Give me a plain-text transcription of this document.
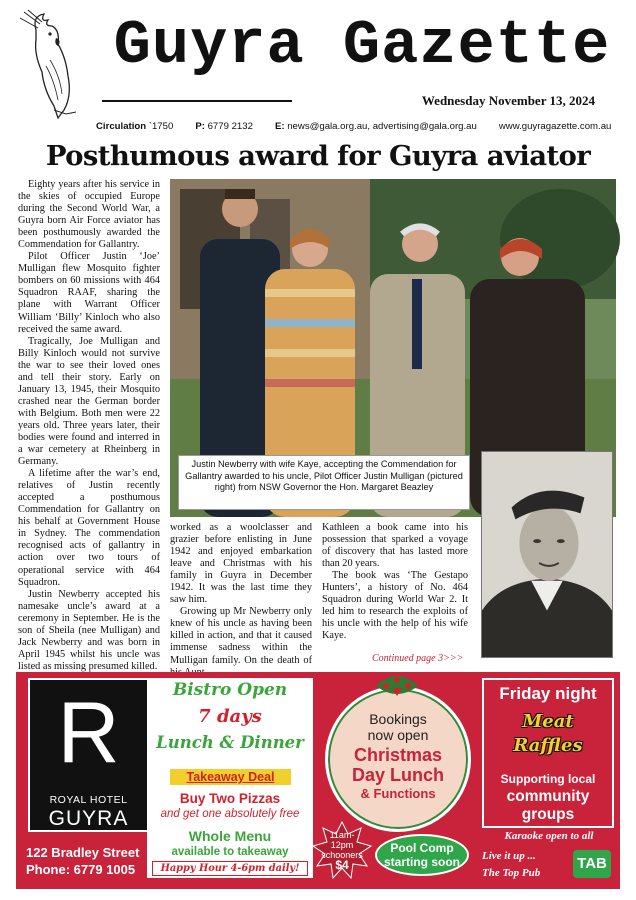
Guyra Gazette
Wednesday November 13, 2024
Circulation `1750 P: 6779 2132 E: news@gala.org.au, advertising@gala.org.au www.guyragazette.com.au
Posthumous award for Guyra aviator

Eighty years after his service in the skies of occupied Europe during the Second World War, a Guyra born Air Force aviator has been posthumously awarded the Commendation for Gallantry.

Pilot Officer Justin ‘Joe’ Mulligan flew Mosquito fighter bombers on 60 missions with 464 Squadron RAAF, sharing the plane with Warrant Officer William ‘Billy’ Kinloch who also received the same award.

Tragically, Joe Mulligan and Billy Kinloch would not survive the war to see their loved ones and tell their story. Early on January 13, 1945, their Mosquito crashed near the German border with Belgium. Both men were 22 years old. Three years later, their bodies were found and interred in a war cemetery at Rheinberg in Germany.

A lifetime after the war’s end, relatives of Justin recently accepted a posthumous Commendation for Gallantry on his behalf at Government House in Sydney. The commendation recognised acts of gallantry in action over two tours of operational service with 464 Squadron.

Justin Newberry accepted his namesake uncle’s award at a ceremony in September. He is the son of Sheila (nee Mulligan) and Jack Newberry and was born in April 1945 whilst his uncle was listed as missing presumed killed.

Justin Newberry with wife Kaye, accepting the Commendation for Gallantry awarded to his uncle, Pilot Officer Justin Mulligan (pictured right) from NSW Governor the Hon. Margaret Beazley

worked as a woolclasser and grazier before enlisting in June 1942 and enjoyed embarkation leave and Christmas with his family in Guyra in December 1942. It was the last time they saw him.

Growing up Mr Newberry only knew of his uncle as having been killed in action, and that it caused immense sadness within the Mulligan family. On the death of

Kathleen a book came into his possession that sparked a voyage of discovery that has lasted more than 20 years.

The book was ‘The Gestapo Hunters’, a history of No. 464 Squadron during World War 2. It led him to research the exploits of his uncle with the help of his wife Kaye.

Continued page 3>>>
R
ROYAL HOTEL
GUYRA
122 Bradley Street
Phone: 6779 1005
Bistro Open
7 days
Lunch & Dinner
Takeaway Deal
Buy Two Pizzas
and get one absolutely free
Whole Menu
available to takeaway
Happy Hour 4-6pm daily!
Bookings
now open
Christmas
Day Lunch
& Functions
11am-
12pm
schooners
$4
Pool Comp
starting soon
Friday night
Meat
Raffles
Supporting local
community
groups
Karaoke open to all
Live it up ...
The Top Pub
TAB
